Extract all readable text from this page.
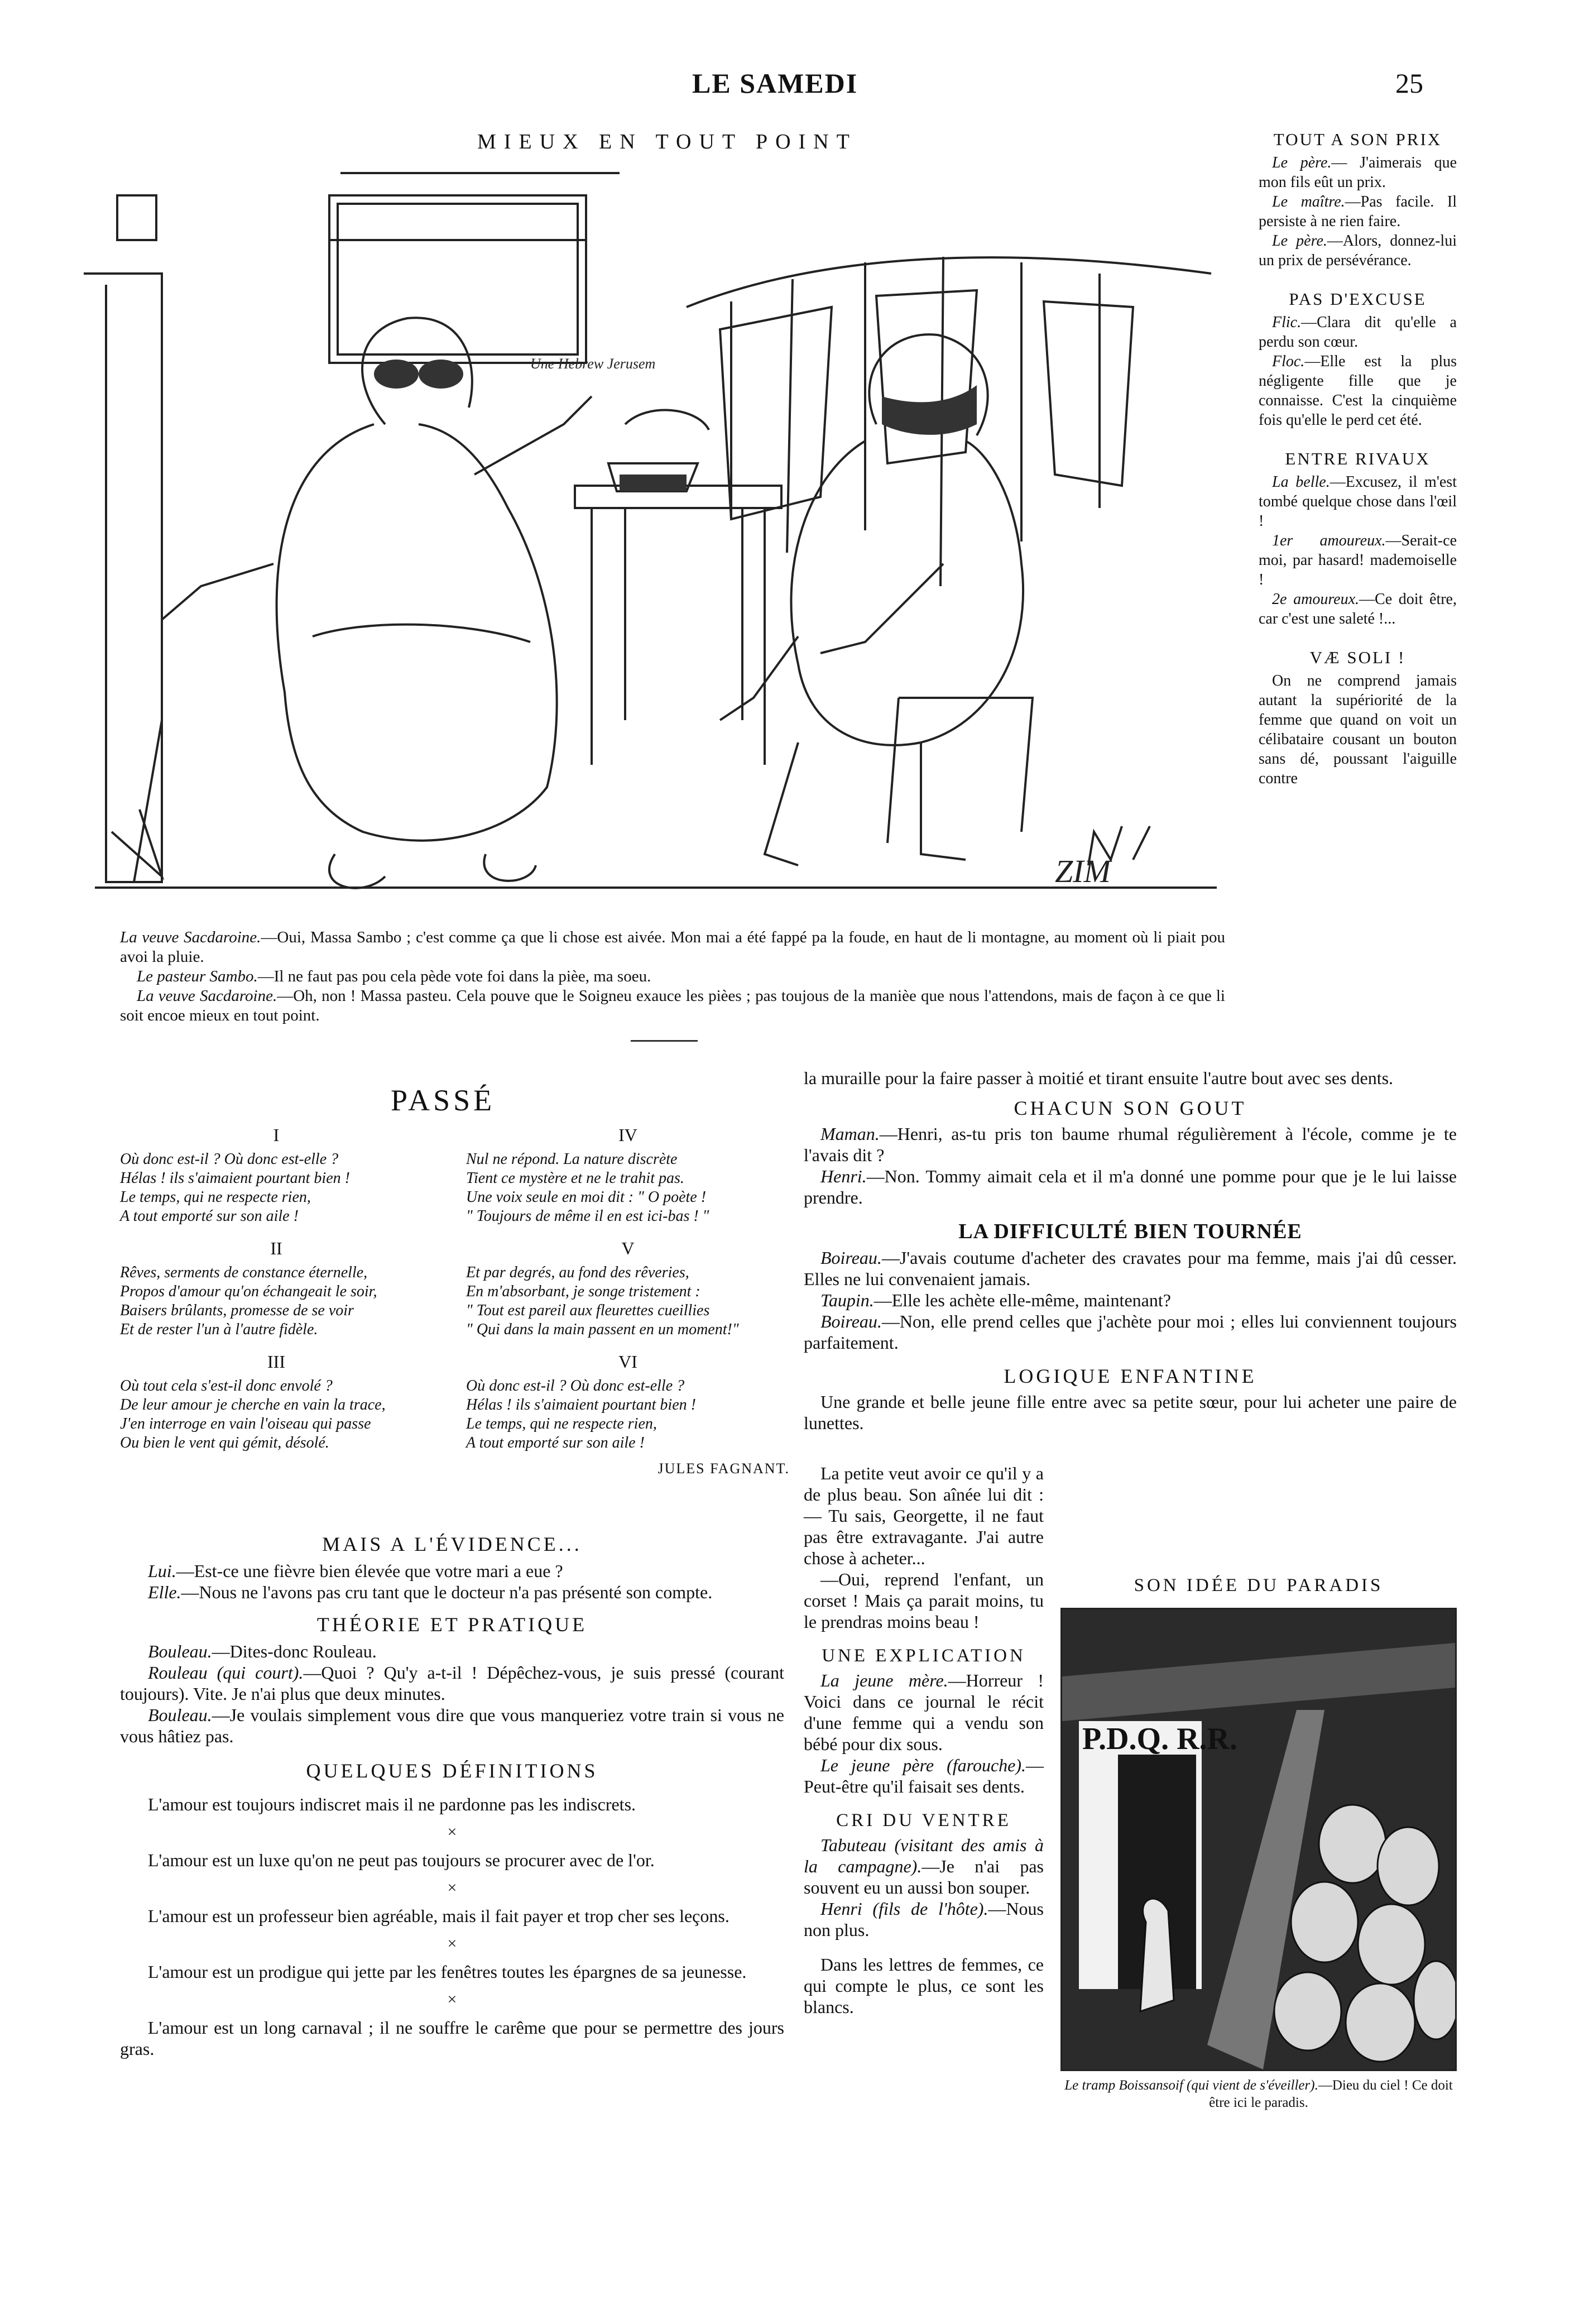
LE SAMEDI	25
MIEUX EN TOUT POINT
Une Hebrew Jerusem
ZIM

La veuve Sacdaroine.—Oui, Massa Sambo ; c'est comme ça que li chose est aivée. Mon mai a été fappé pa la foude, en haut de li montagne, au moment où li piait pou avoi la pluie.

Le pasteur Sambo.—Il ne faut pas pou cela pède vote foi dans la pièe, ma soeu.

La veuve Sacdaroine.—Oh, non ! Massa pasteu. Cela pouve que le Soigneu exauce les pièes ; pas toujous de la manièe que nous l'attendons, mais de façon à ce que li soit encoe mieux en tout point.

TOUT A SON PRIX

Le père.— J'aimerais que mon fils eût un prix.

Le maître.—Pas facile. Il persiste à ne rien faire.

Le père.—Alors, donnez-lui un prix de persévérance.

PAS D'EXCUSE

Flic.—Clara dit qu'elle a perdu son cœur.

Floc.—Elle est la plus négligente fille que je connaisse. C'est la cinquième fois qu'elle le perd cet été.

ENTRE RIVAUX

La belle.—Excusez, il m'est tombé quelque chose dans l'œil !

1er amoureux.—Serait-ce moi, par hasard! mademoiselle !

2e amoureux.—Ce doit être, car c'est une saleté !...

VÆ SOLI !

On ne comprend jamais autant la supériorité de la femme que quand on voit un célibataire cousant un bouton sans dé, poussant l'aiguille contre

la muraille pour la faire passer à moitié et tirant ensuite l'autre bout avec ses dents.

CHACUN SON GOUT

Maman.—Henri, as-tu pris ton baume rhumal régulièrement à l'école, comme je te l'avais dit ?

Henri.—Non. Tommy aimait cela et il m'a donné une pomme pour que je le lui laisse prendre.

LA DIFFICULTÉ BIEN TOURNÉE

Boireau.—J'avais coutume d'acheter des cravates pour ma femme, mais j'ai dû cesser. Elles ne lui convenaient jamais.

Taupin.—Elle les achète elle-même, maintenant?

Boireau.—Non, elle prend celles que j'achète pour moi ; elles lui conviennent toujours parfaitement.

LOGIQUE ENFANTINE

Une grande et belle jeune fille entre avec sa petite sœur, pour lui acheter une paire de lunettes.

La petite veut avoir ce qu'il y a de plus beau. Son aînée lui dit : — Tu sais, Georgette, il ne faut pas être extravagante. J'ai autre chose à acheter...

—Oui, reprend l'enfant, un corset ! Mais ça parait moins, tu le prendras moins beau !

UNE EXPLICATION

La jeune mère.—Horreur ! Voici dans ce journal le récit d'une femme qui a vendu son bébé pour dix sous.

Le jeune père (farouche).—Peut-être qu'il faisait ses dents.

CRI DU VENTRE

Tabuteau (visitant des amis à la campagne).—Je n'ai pas souvent eu un aussi bon souper.

Henri (fils de l'hôte).—Nous non plus.

Dans les lettres de femmes, ce qui compte le plus, ce sont les blancs.

SON IDÉE DU PARADIS
P.D.Q. R.R.
Le tramp Boissansoif (qui vient de s'éveiller).—Dieu du ciel ! Ce doit être ici le paradis.
PASSÉ
I
Où donc est-il ? Où donc est-elle ?
Hélas ! ils s'aimaient pourtant bien !
Le temps, qui ne respecte rien,
A tout emporté sur son aile !
II
Rêves, serments de constance éternelle,
Propos d'amour qu'on échangeait le soir,
Baisers brûlants, promesse de se voir
Et de rester l'un à l'autre fidèle.
III
Où tout cela s'est-il donc envolé ?
De leur amour je cherche en vain la trace,
J'en interroge en vain l'oiseau qui passe
Ou bien le vent qui gémit, désolé.
IV
Nul ne répond. La nature discrète
Tient ce mystère et ne le trahit pas.
Une voix seule en moi dit : " O poète !
" Toujours de même il en est ici-bas ! "
V
Et par degrés, au fond des rêveries,
En m'absorbant, je songe tristement :
" Tout est pareil aux fleurettes cueillies
" Qui dans la main passent en un moment!"
VI
Où donc est-il ? Où donc est-elle ?
Hélas ! ils s'aimaient pourtant bien !
Le temps, qui ne respecte rien,
A tout emporté sur son aile !
JULES FAGNANT.
MAIS A L'ÉVIDENCE...

Lui.—Est-ce une fièvre bien élevée que votre mari a eue ?

Elle.—Nous ne l'avons pas cru tant que le docteur n'a pas présenté son compte.

THÉORIE ET PRATIQUE

Bouleau.—Dites-donc Rouleau.

Rouleau (qui court).—Quoi ? Qu'y a-t-il ! Dépêchez-vous, je suis pressé (courant toujours). Vite. Je n'ai plus que deux minutes.

Bouleau.—Je voulais simplement vous dire que vous manqueriez votre train si vous ne vous hâtiez pas.

QUELQUES DÉFINITIONS

L'amour est toujours indiscret mais il ne pardonne pas les indiscrets.

×

L'amour est un luxe qu'on ne peut pas toujours se procurer avec de l'or.

×

L'amour est un professeur bien agréable, mais il fait payer et trop cher ses leçons.

×

L'amour est un prodigue qui jette par les fenêtres toutes les épargnes de sa jeunesse.

×

L'amour est un long carnaval ; il ne souffre le carême que pour se permettre des jours gras.
